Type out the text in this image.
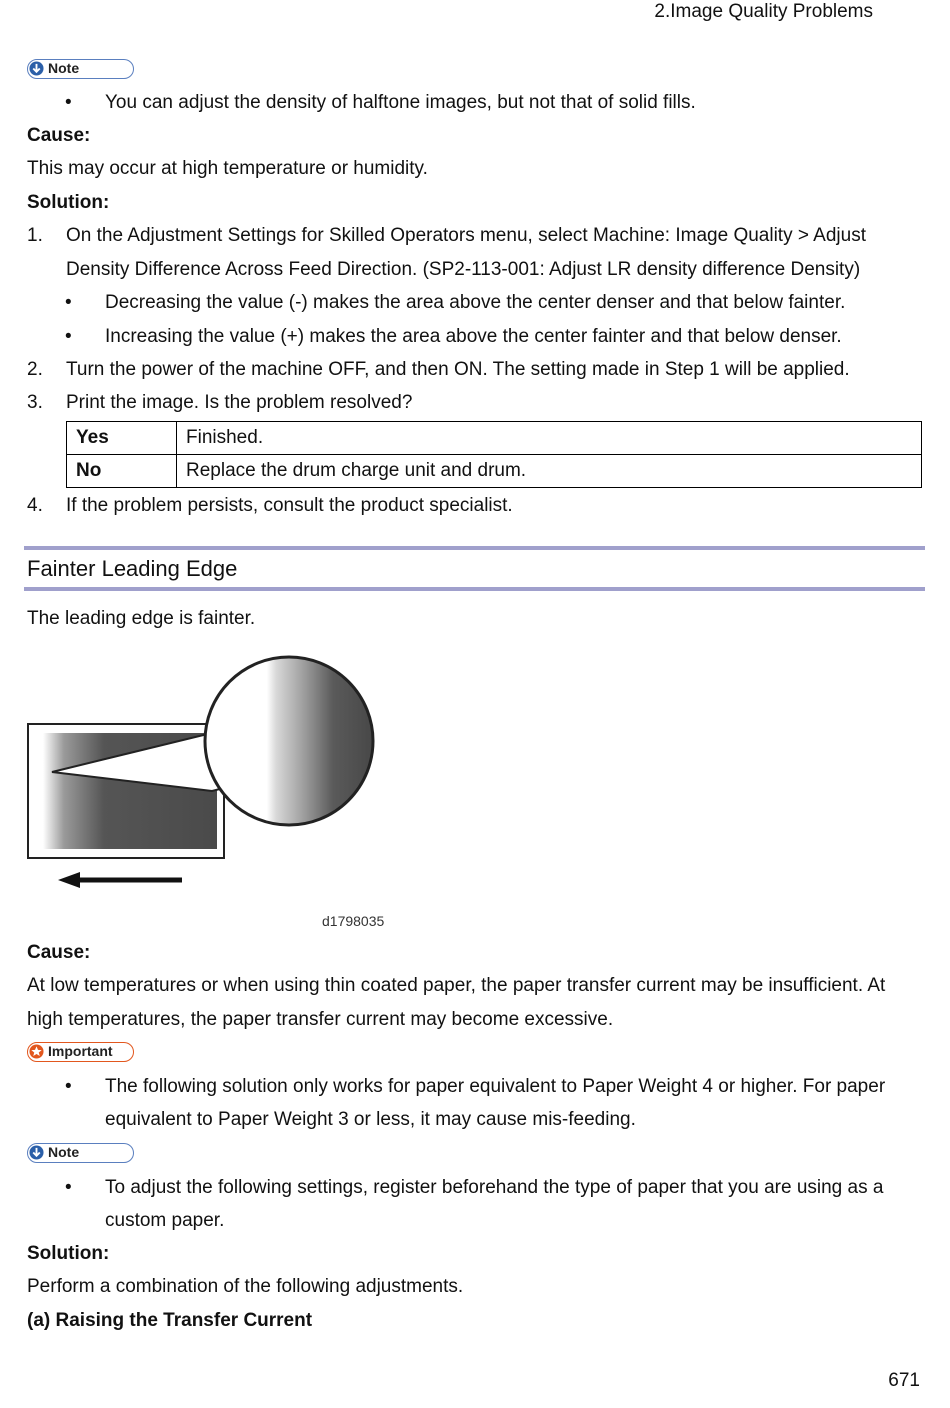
2.Image Quality Problems
Note
• You can adjust the density of halftone images, but not that of solid fills.
Cause:
This may occur at high temperature or humidity.
Solution:
1. On the Adjustment Settings for Skilled Operators menu, select Machine: Image Quality > Adjust
Density Difference Across Feed Direction. (SP2-113-001: Adjust LR density difference Density)
• Decreasing the value (-) makes the area above the center denser and that below fainter.
• Increasing the value (+) makes the area above the center fainter and that below denser.
2. Turn the power of the machine OFF, and then ON. The setting made in Step 1 will be applied.
3. Print the image. Is the problem resolved?
Yes	Finished.
No	Replace the drum charge unit and drum.
4. If the problem persists, consult the product specialist.
Fainter Leading Edge
The leading edge is fainter.
d1798035
Cause:
At low temperatures or when using thin coated paper, the paper transfer current may be insufficient. At
high temperatures, the paper transfer current may become excessive.
Important
• The following solution only works for paper equivalent to Paper Weight 4 or higher. For paper
equivalent to Paper Weight 3 or less, it may cause mis-feeding.
Note
• To adjust the following settings, register beforehand the type of paper that you are using as a
custom paper.
Solution:
Perform a combination of the following adjustments.
(a) Raising the Transfer Current
671
